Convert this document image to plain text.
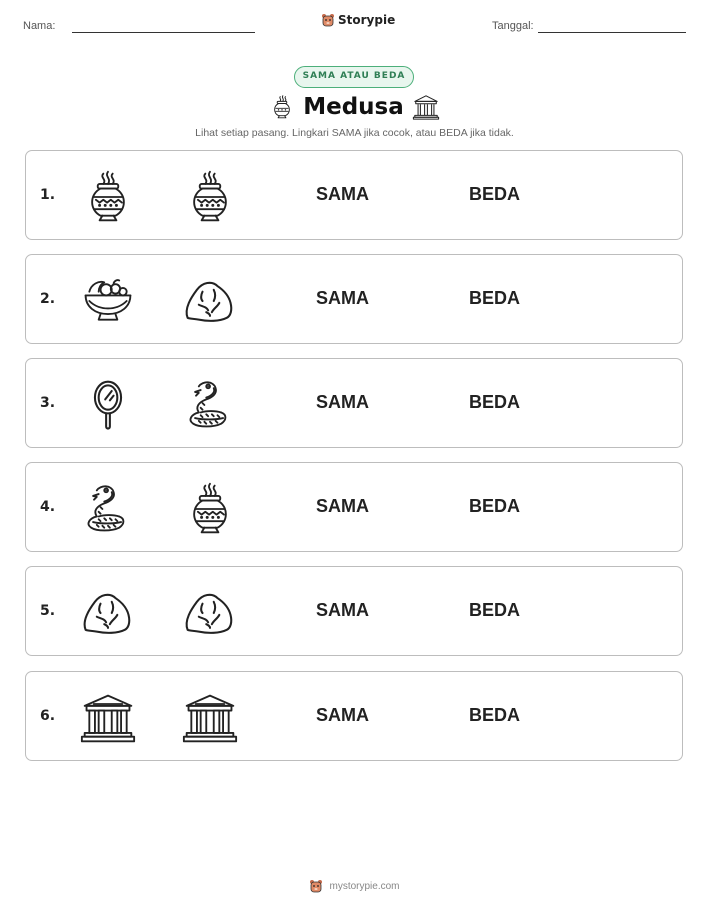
Nama:	Storypie	Tanggal:
SAMA ATAU BEDA
Medusa
Lihat setiap pasang. Lingkari SAMA jika cocok, atau BEDA jika tidak.
1.	SAMA	BEDA
2.	SAMA	BEDA
3.	SAMA	BEDA
4.	SAMA	BEDA
5.	SAMA	BEDA
6.	SAMA	BEDA
mystorypie.com
